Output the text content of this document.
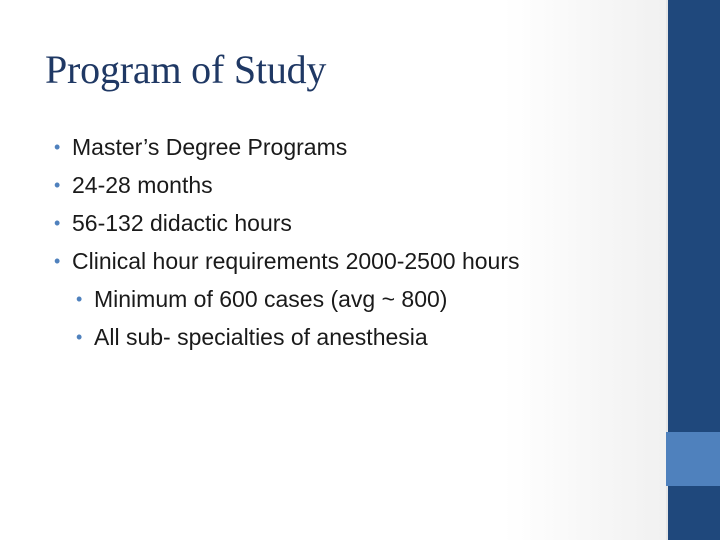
Program of Study
• Master’s Degree Programs
• 24-28 months
• 56-132 didactic hours
• Clinical hour requirements 2000-2500 hours
• Minimum of 600 cases (avg ~ 800)
• All sub- specialties of anesthesia
